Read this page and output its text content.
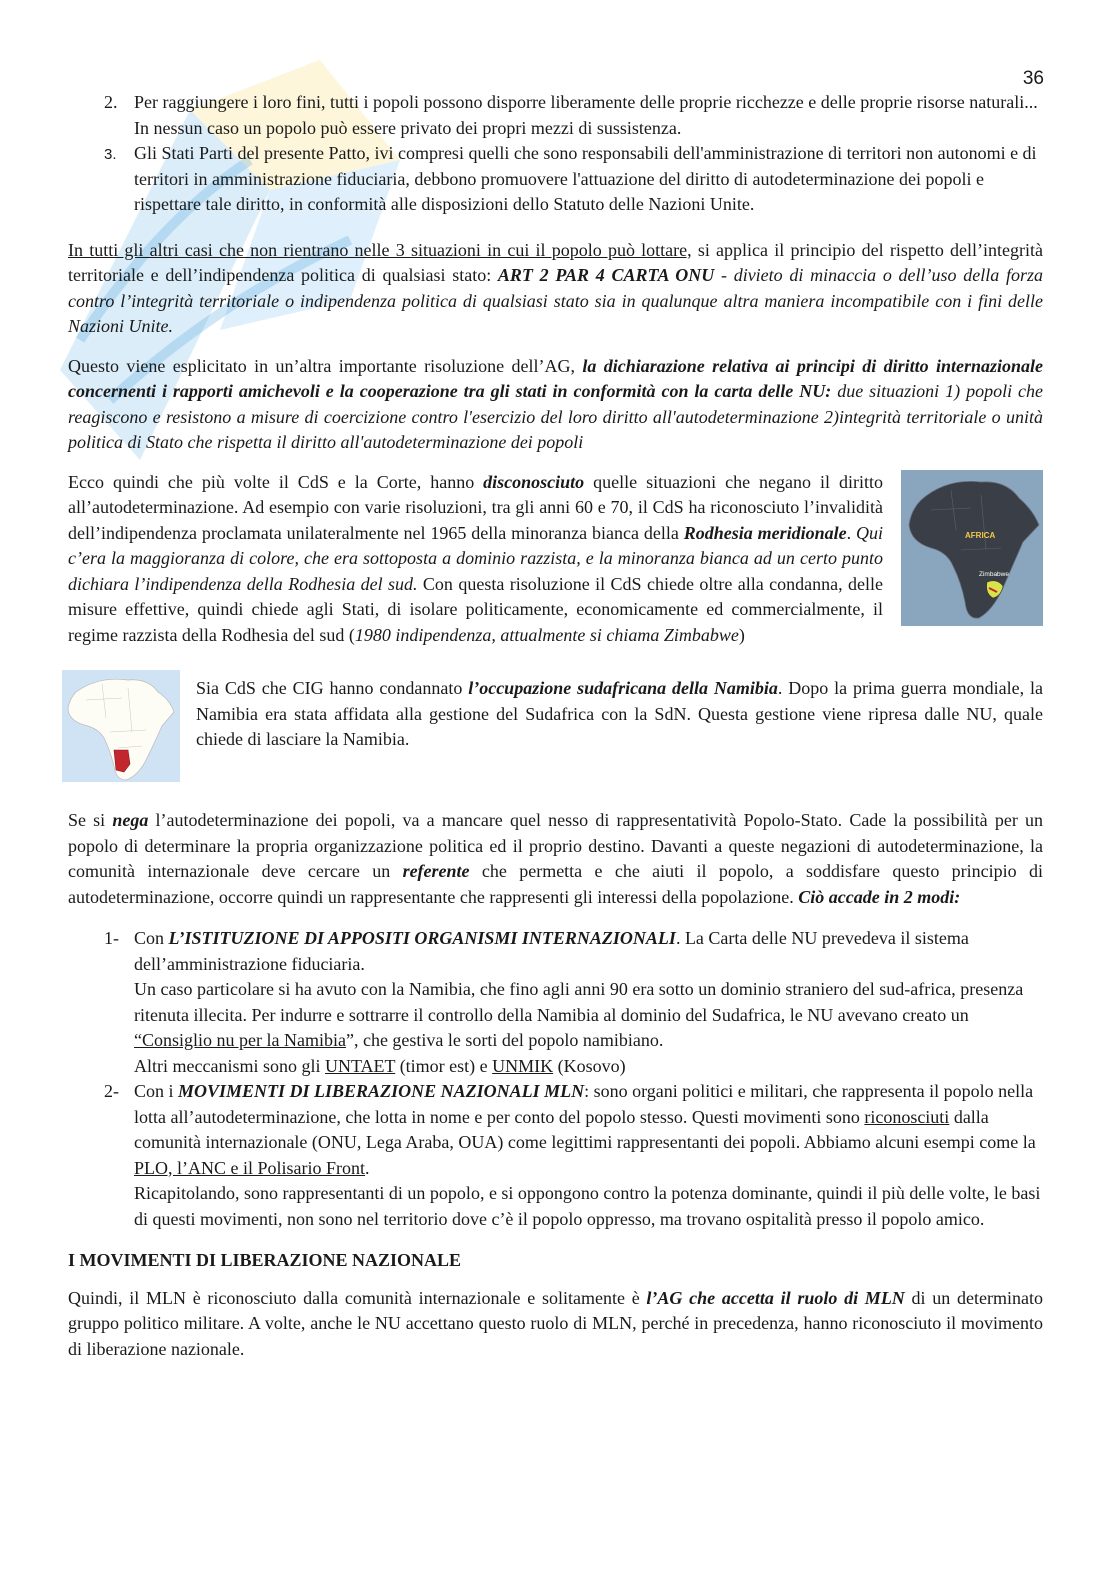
36
2. Per raggiungere i loro fini, tutti i popoli possono disporre liberamente delle proprie ricchezze e delle proprie risorse naturali... In nessun caso un popolo può essere privato dei propri mezzi di sussistenza.
3. Gli Stati Parti del presente Patto, ivi compresi quelli che sono responsabili dell'amministrazione di territori non autonomi e di territori in amministrazione fiduciaria, debbono promuovere l'attuazione del diritto di autodeterminazione dei popoli e rispettare tale diritto, in conformità alle disposizioni dello Statuto delle Nazioni Unite.

In tutti gli altri casi che non rientrano nelle 3 situazioni in cui il popolo può lottare, si applica il principio del rispetto dell’integrità territoriale e dell’indipendenza politica di qualsiasi stato: ART 2 PAR 4 CARTA ONU - divieto di minaccia o dell’uso della forza contro l’integrità territoriale o indipendenza politica di qualsiasi stato sia in qualunque altra maniera incompatibile con i fini delle Nazioni Unite.

Questo viene esplicitato in un’altra importante risoluzione dell’AG, la dichiarazione relativa ai principi di diritto internazionale concernenti i rapporti amichevoli e la cooperazione tra gli stati in conformità con la carta delle NU: due situazioni 1) popoli che reagiscono e resistono a misure di coercizione contro l'esercizio del loro diritto all'autodeterminazione 2)integrità territoriale o unità politica di Stato che rispetta il diritto all'autodeterminazione dei popoli

AFRICA
Zimbabwe

Ecco quindi che più volte il CdS e la Corte, hanno disconosciuto quelle situazioni che negano il diritto all’autodeterminazione. Ad esempio con varie risoluzioni, tra gli anni 60 e 70, il CdS ha riconosciuto l’invalidità dell’indipendenza proclamata unilateralmente nel 1965 della minoranza bianca della Rodhesia meridionale. Qui c’era la maggioranza di colore, che era sottoposta a dominio razzista, e la minoranza bianca ad un certo punto dichiara l’indipendenza della Rodhesia del sud. Con questa risoluzione il CdS chiede oltre alla condanna, delle misure effettive, quindi chiede agli Stati, di isolare politicamente, economicamente ed commercialmente, il regime razzista della Rodhesia del sud (1980 indipendenza, attualmente si chiama Zimbabwe)

Sia CdS che CIG hanno condannato l’occupazione sudafricana della Namibia. Dopo la prima guerra mondiale, la Namibia era stata affidata alla gestione del Sudafrica con la SdN. Questa gestione viene ripresa dalle NU, quale chiede di lasciare la Namibia.

Se si nega l’autodeterminazione dei popoli, va a mancare quel nesso di rappresentatività Popolo-Stato. Cade la possibilità per un popolo di determinare la propria organizzazione politica ed il proprio destino. Davanti a queste negazioni di autodeterminazione, la comunità internazionale deve cercare un referente che permetta e che aiuti il popolo, a soddisfare questo principio di autodeterminazione, occorre quindi un rappresentante che rappresenti gli interessi della popolazione. Ciò accade in 2 modi:

1- Con L’ISTITUZIONE DI APPOSITI ORGANISMI INTERNAZIONALI. La Carta delle NU prevedeva il sistema dell’amministrazione fiduciaria.
Un caso particolare si ha avuto con la Namibia, che fino agli anni 90 era sotto un dominio straniero del sud-africa, presenza ritenuta illecita. Per indurre e sottrarre il controllo della Namibia al dominio del Sudafrica, le NU avevano creato un “Consiglio nu per la Namibia”, che gestiva le sorti del popolo namibiano.
Altri meccanismi sono gli UNTAET (timor est) e UNMIK (Kosovo)
2- Con i MOVIMENTI DI LIBERAZIONE NAZIONALI MLN: sono organi politici e militari, che rappresenta il popolo nella lotta all’autodeterminazione, che lotta in nome e per conto del popolo stesso. Questi movimenti sono riconosciuti dalla comunità internazionale (ONU, Lega Araba, OUA) come legittimi rappresentanti dei popoli. Abbiamo alcuni esempi come la PLO, l’ANC e il Polisario Front.
Ricapitolando, sono rappresentanti di un popolo, e si oppongono contro la potenza dominante, quindi il più delle volte, le basi di questi movimenti, non sono nel territorio dove c’è il popolo oppresso, ma trovano ospitalità presso il popolo amico.
I MOVIMENTI DI LIBERAZIONE NAZIONALE

Quindi, il MLN è riconosciuto dalla comunità internazionale e solitamente è l’AG che accetta il ruolo di MLN di un determinato gruppo politico militare. A volte, anche le NU accettano questo ruolo di MLN, perché in precedenza, hanno riconosciuto il movimento di liberazione nazionale.
